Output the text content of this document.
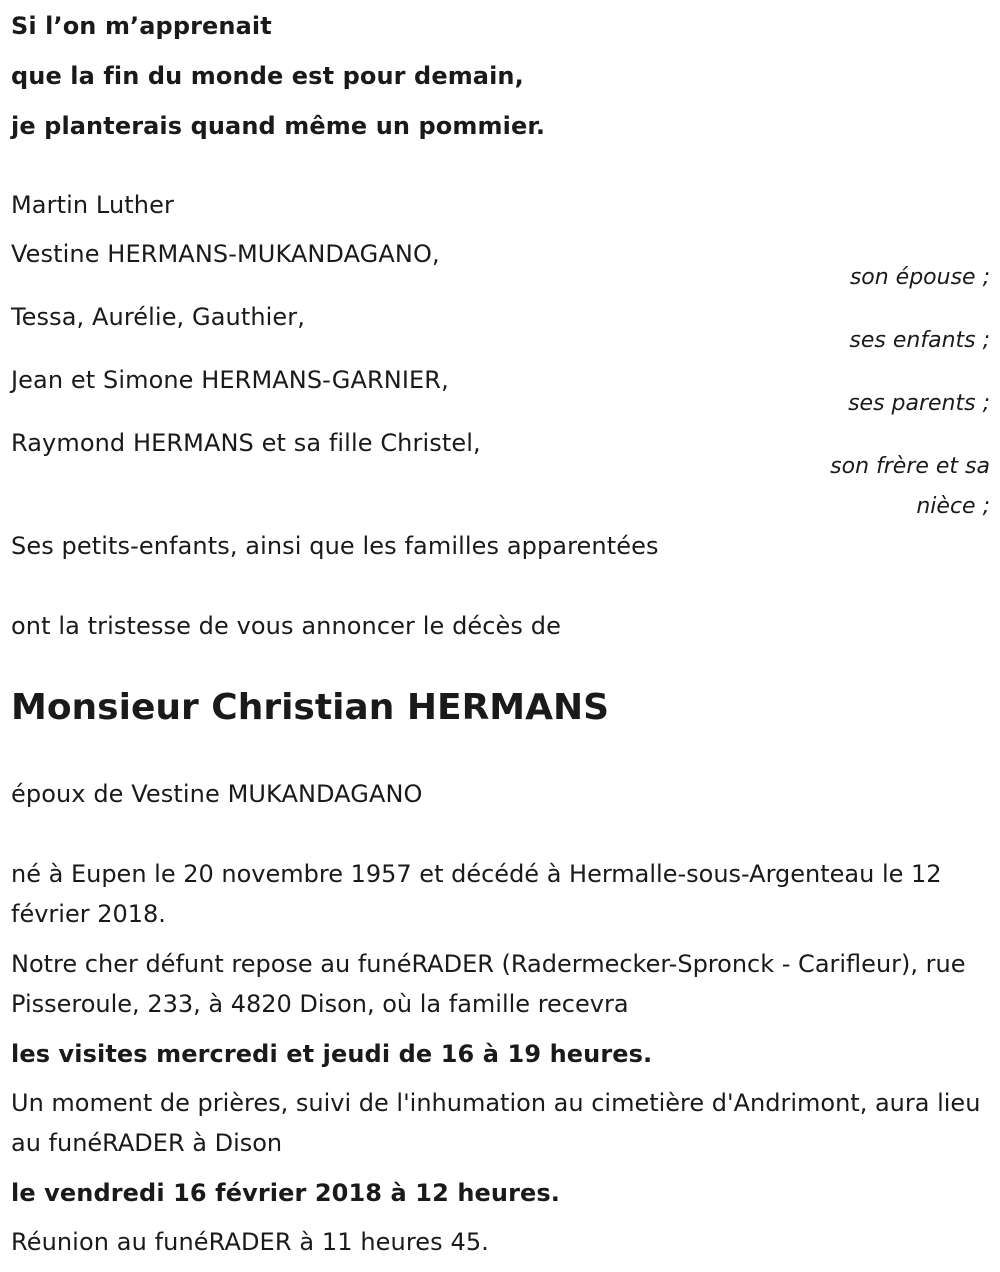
Si l’on m’apprenait
que la fin du monde est pour demain,
je planterais quand même un pommier.
Martin Luther
Vestine HERMANS-MUKANDAGANO,
son épouse ;
Tessa, Aurélie, Gauthier,
ses enfants ;
Jean et Simone HERMANS-GARNIER,
ses parents ;
Raymond HERMANS et sa fille Christel,
son frère et sa
nièce ;
Ses petits-enfants, ainsi que les familles apparentées
ont la tristesse de vous annoncer le décès de
Monsieur Christian HERMANS
époux de Vestine MUKANDAGANO
né à Eupen le 20 novembre 1957 et décédé à Hermalle-sous-Argenteau le 12 février 2018.
Notre cher défunt repose au funéRADER (Radermecker-Spronck - Carifleur), rue Pisseroule, 233, à 4820 Dison, où la famille recevra
les visites mercredi et jeudi de 16 à 19 heures.
Un moment de prières, suivi de l'inhumation au cimetière d'Andrimont, aura lieu au funéRADER à Dison
le vendredi 16 février 2018 à 12 heures.
Réunion au funéRADER à 11 heures 45.
